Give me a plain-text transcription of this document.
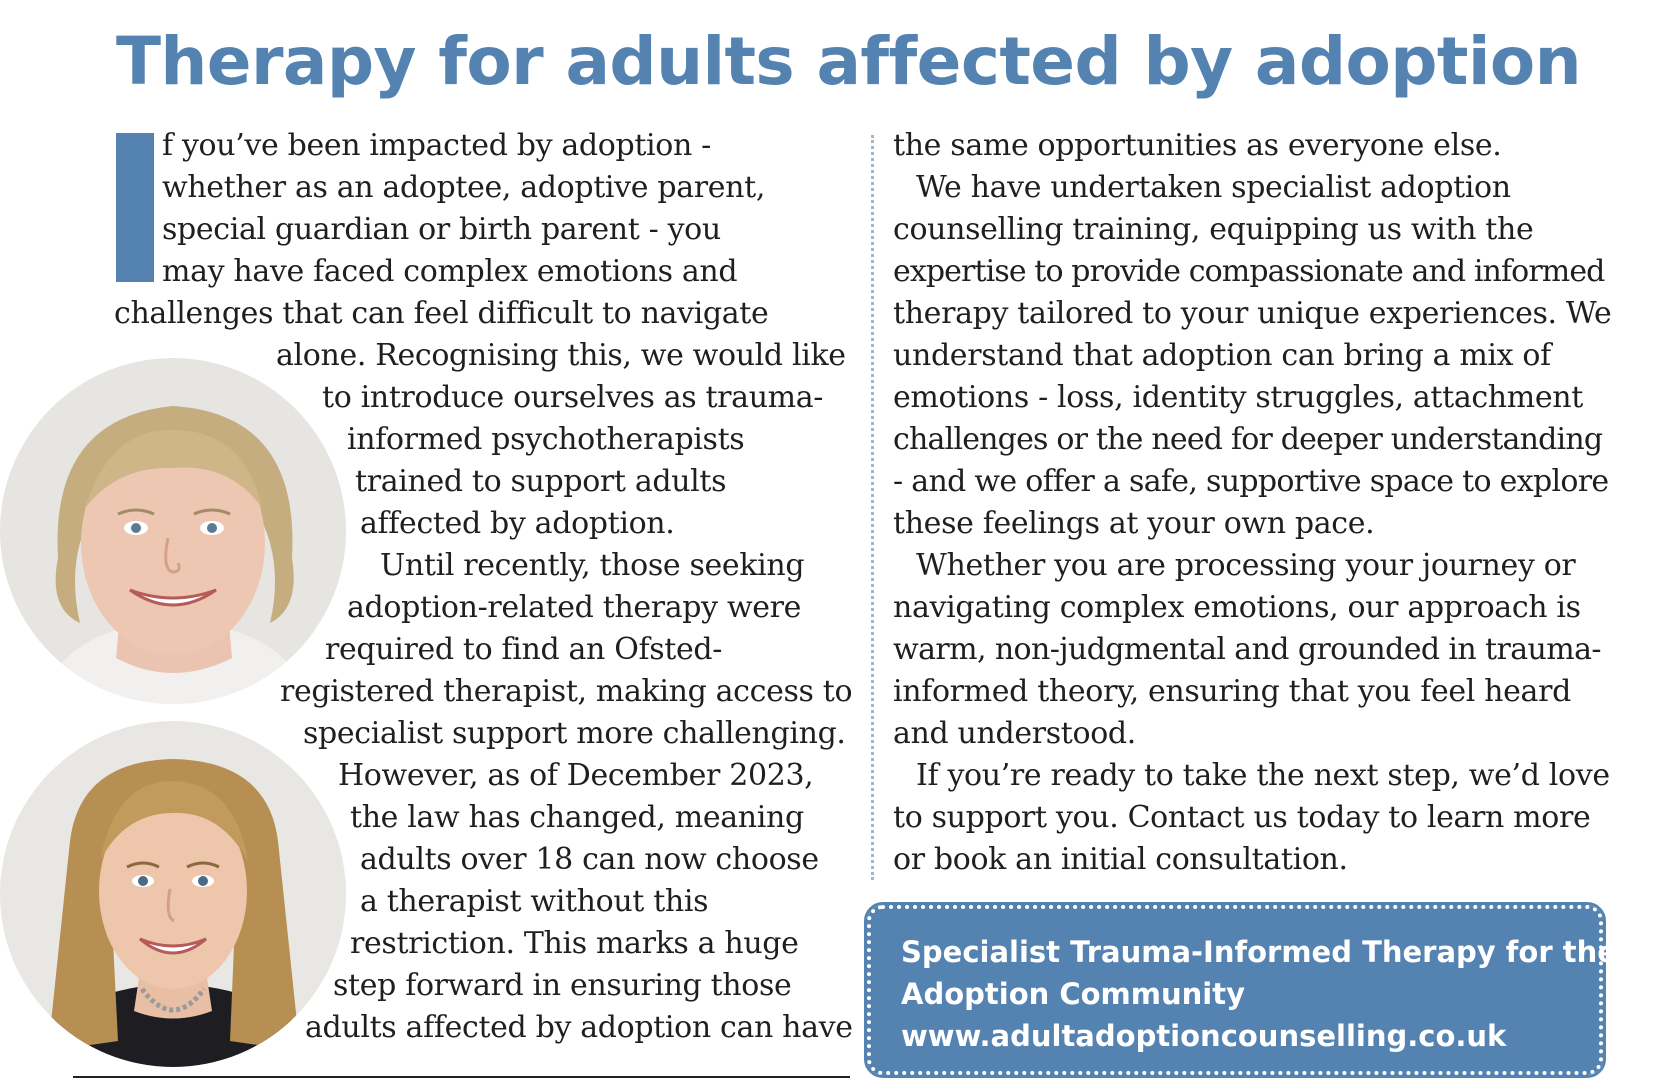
Therapy for adults affected by adoption
f you’ve been impacted by adoption -
whether as an adoptee, adoptive parent,
special guardian or birth parent - you
may have faced complex emotions and
challenges that can feel difficult to navigate
alone. Recognising this, we would like
to introduce ourselves as trauma-
informed psychotherapists
trained to support adults
affected by adoption.
Until recently, those seeking
adoption-related therapy were
required to find an Ofsted-
registered therapist, making access to
specialist support more challenging.
However, as of December 2023,
the law has changed, meaning
adults over 18 can now choose
a therapist without this
restriction. This marks a huge
step forward in ensuring those
adults affected by adoption can have
the same opportunities as everyone else.
We have undertaken specialist adoption
counselling training, equipping us with the
expertise to provide compassionate and informed
therapy tailored to your unique experiences. We
understand that adoption can bring a mix of
emotions - loss, identity struggles, attachment
challenges or the need for deeper understanding
- and we offer a safe, supportive space to explore
these feelings at your own pace.
Whether you are processing your journey or
navigating complex emotions, our approach is
warm, non-judgmental and grounded in trauma-
informed theory, ensuring that you feel heard
and understood.
If you’re ready to take the next step, we’d love
to support you. Contact us today to learn more
or book an initial consultation.
Specialist Trauma-Informed Therapy for the
Adoption Community
www.adultadoptioncounselling.co.uk
